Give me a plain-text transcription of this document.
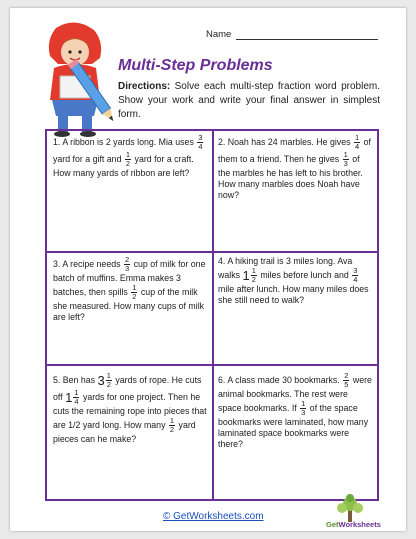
Name
Multi-Step Problems
Directions: Solve each multi-step fraction word problem. Show your work and write your final answer in simplest form.
1. A ribbon is 2 yards long. Mia uses $\frac{3}{4}$
yard for a gift and $\frac{1}{2}$ yard for a craft. How many yards of ribbon are left?
2. Noah has 24 marbles. He gives $\frac{1}{4}$ of them to a friend. Then he gives $\frac{1}{3}$ of the marbles he has left to his brother. How many marbles does Noah have now?
3. A recipe needs $\frac{2}{3}$ cup of milk for one batch of muffins. Emma makes 3 batches, then spills $\frac{1}{2}$ cup of the milk she measured. How many cups of milk are left?
4. A hiking trail is 3 miles long. Ava walks $1 \frac{1}{2}$ miles before lunch and $\frac{3}{4}$
mile after lunch. How many miles does she still need to walk?
5. Ben has $3 \frac{1}{2}$ yards of rope. He cuts off $1 \frac{1}{4}$ yards for one project. Then he cuts the remaining rope into pieces that are 1/2 yard long. How many $\frac{1}{2}$ yard pieces can he make?
6. A class made 30 bookmarks. $\frac{2}{5}$ were animal bookmarks. The rest were space bookmarks. If $\frac{1}{3}$ of the space bookmarks were laminated, how many laminated space bookmarks were there?
© GetWorksheets.com
GetWorksheets
